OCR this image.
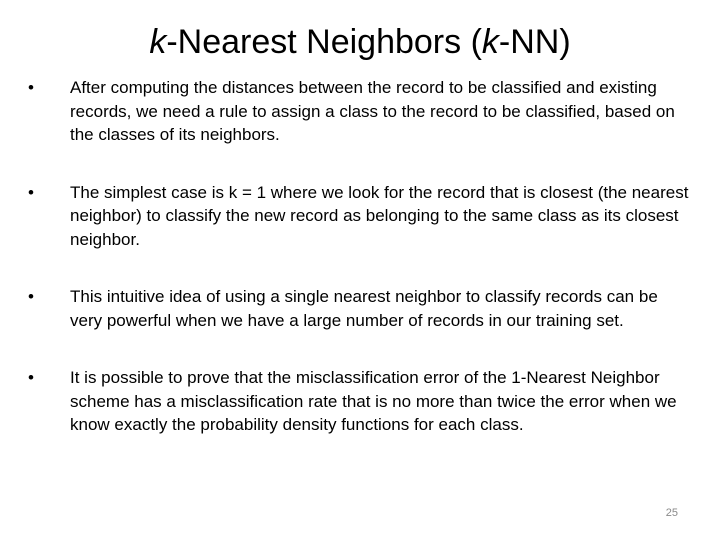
k-Nearest Neighbors (k-NN)
•	After computing the distances between the record to be classified and existing records, we need a rule to assign a class to the record to be classified, based on the classes of its neighbors.
•	The simplest case is k = 1 where we look for the record that is closest (the nearest neighbor) to classify the new record as belonging to the same class as its closest neighbor.
•	This intuitive idea of using a single nearest neighbor to classify records can be very powerful when we have a large number of records in our training set.
•	It is possible to prove that the misclassification error of the 1-Nearest Neighbor scheme has a misclassification rate that is no more than twice the error when we know exactly the probability density functions for each class.
25
